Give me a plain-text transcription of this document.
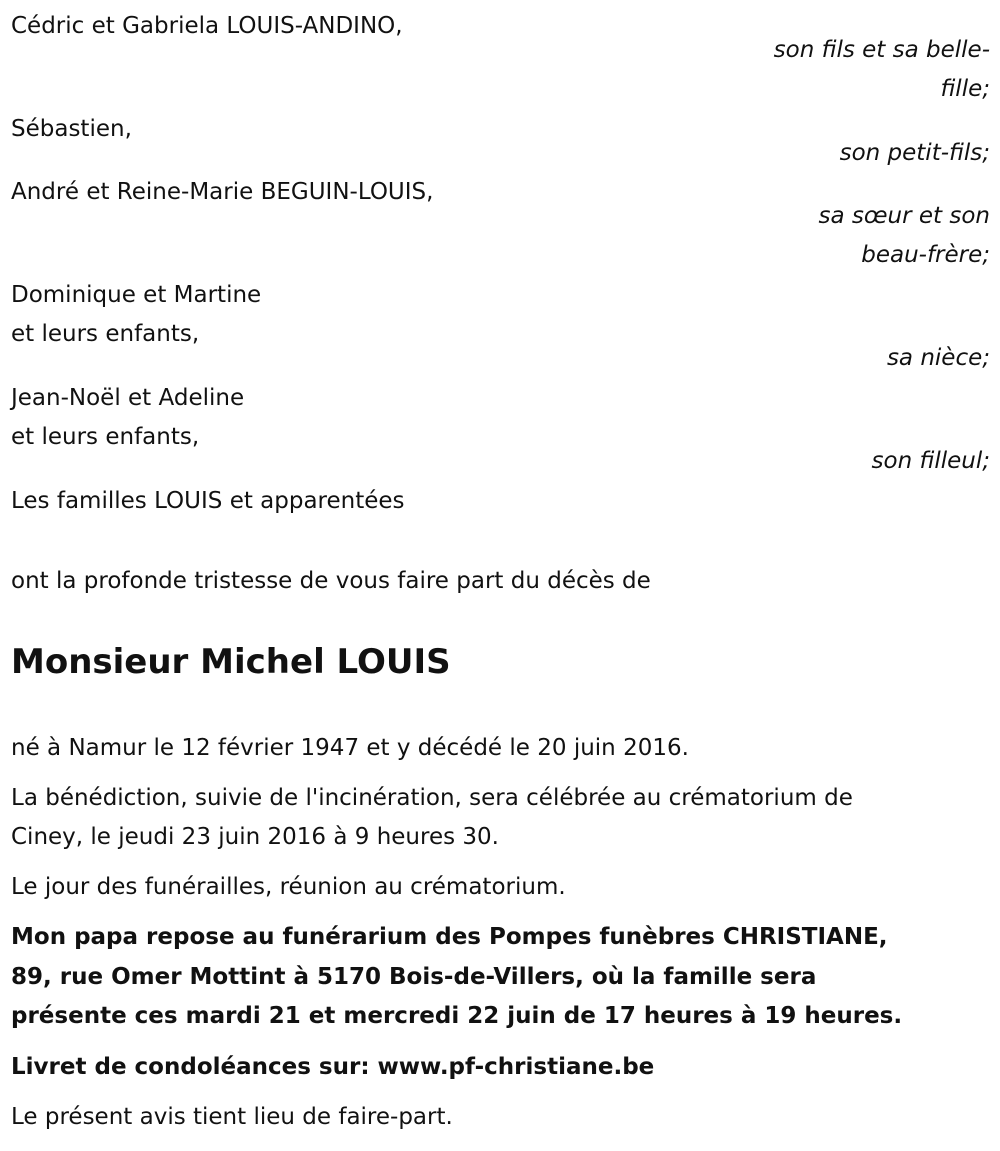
Cédric et Gabriela LOUIS-ANDINO,
son fils et sa belle-
fille;
Sébastien,
son petit-fils;
André et Reine-Marie BEGUIN-LOUIS,
sa sœur et son
beau-frère;
Dominique et Martine
et leurs enfants,
sa nièce;
Jean-Noël et Adeline
et leurs enfants,
son filleul;
Les familles LOUIS et apparentées
ont la profonde tristesse de vous faire part du décès de
Monsieur Michel LOUIS
né à Namur le 12 février 1947 et y décédé le 20 juin 2016.
La bénédiction, suivie de l'incinération, sera célébrée au crématorium de
Ciney, le jeudi 23 juin 2016 à 9 heures 30.
Le jour des funérailles, réunion au crématorium.
Mon papa repose au funérarium des Pompes funèbres CHRISTIANE,
89, rue Omer Mottint à 5170 Bois-de-Villers, où la famille sera
présente ces mardi 21 et mercredi 22 juin de 17 heures à 19 heures.
Livret de condoléances sur: www.pf-christiane.be
Le présent avis tient lieu de faire-part.
